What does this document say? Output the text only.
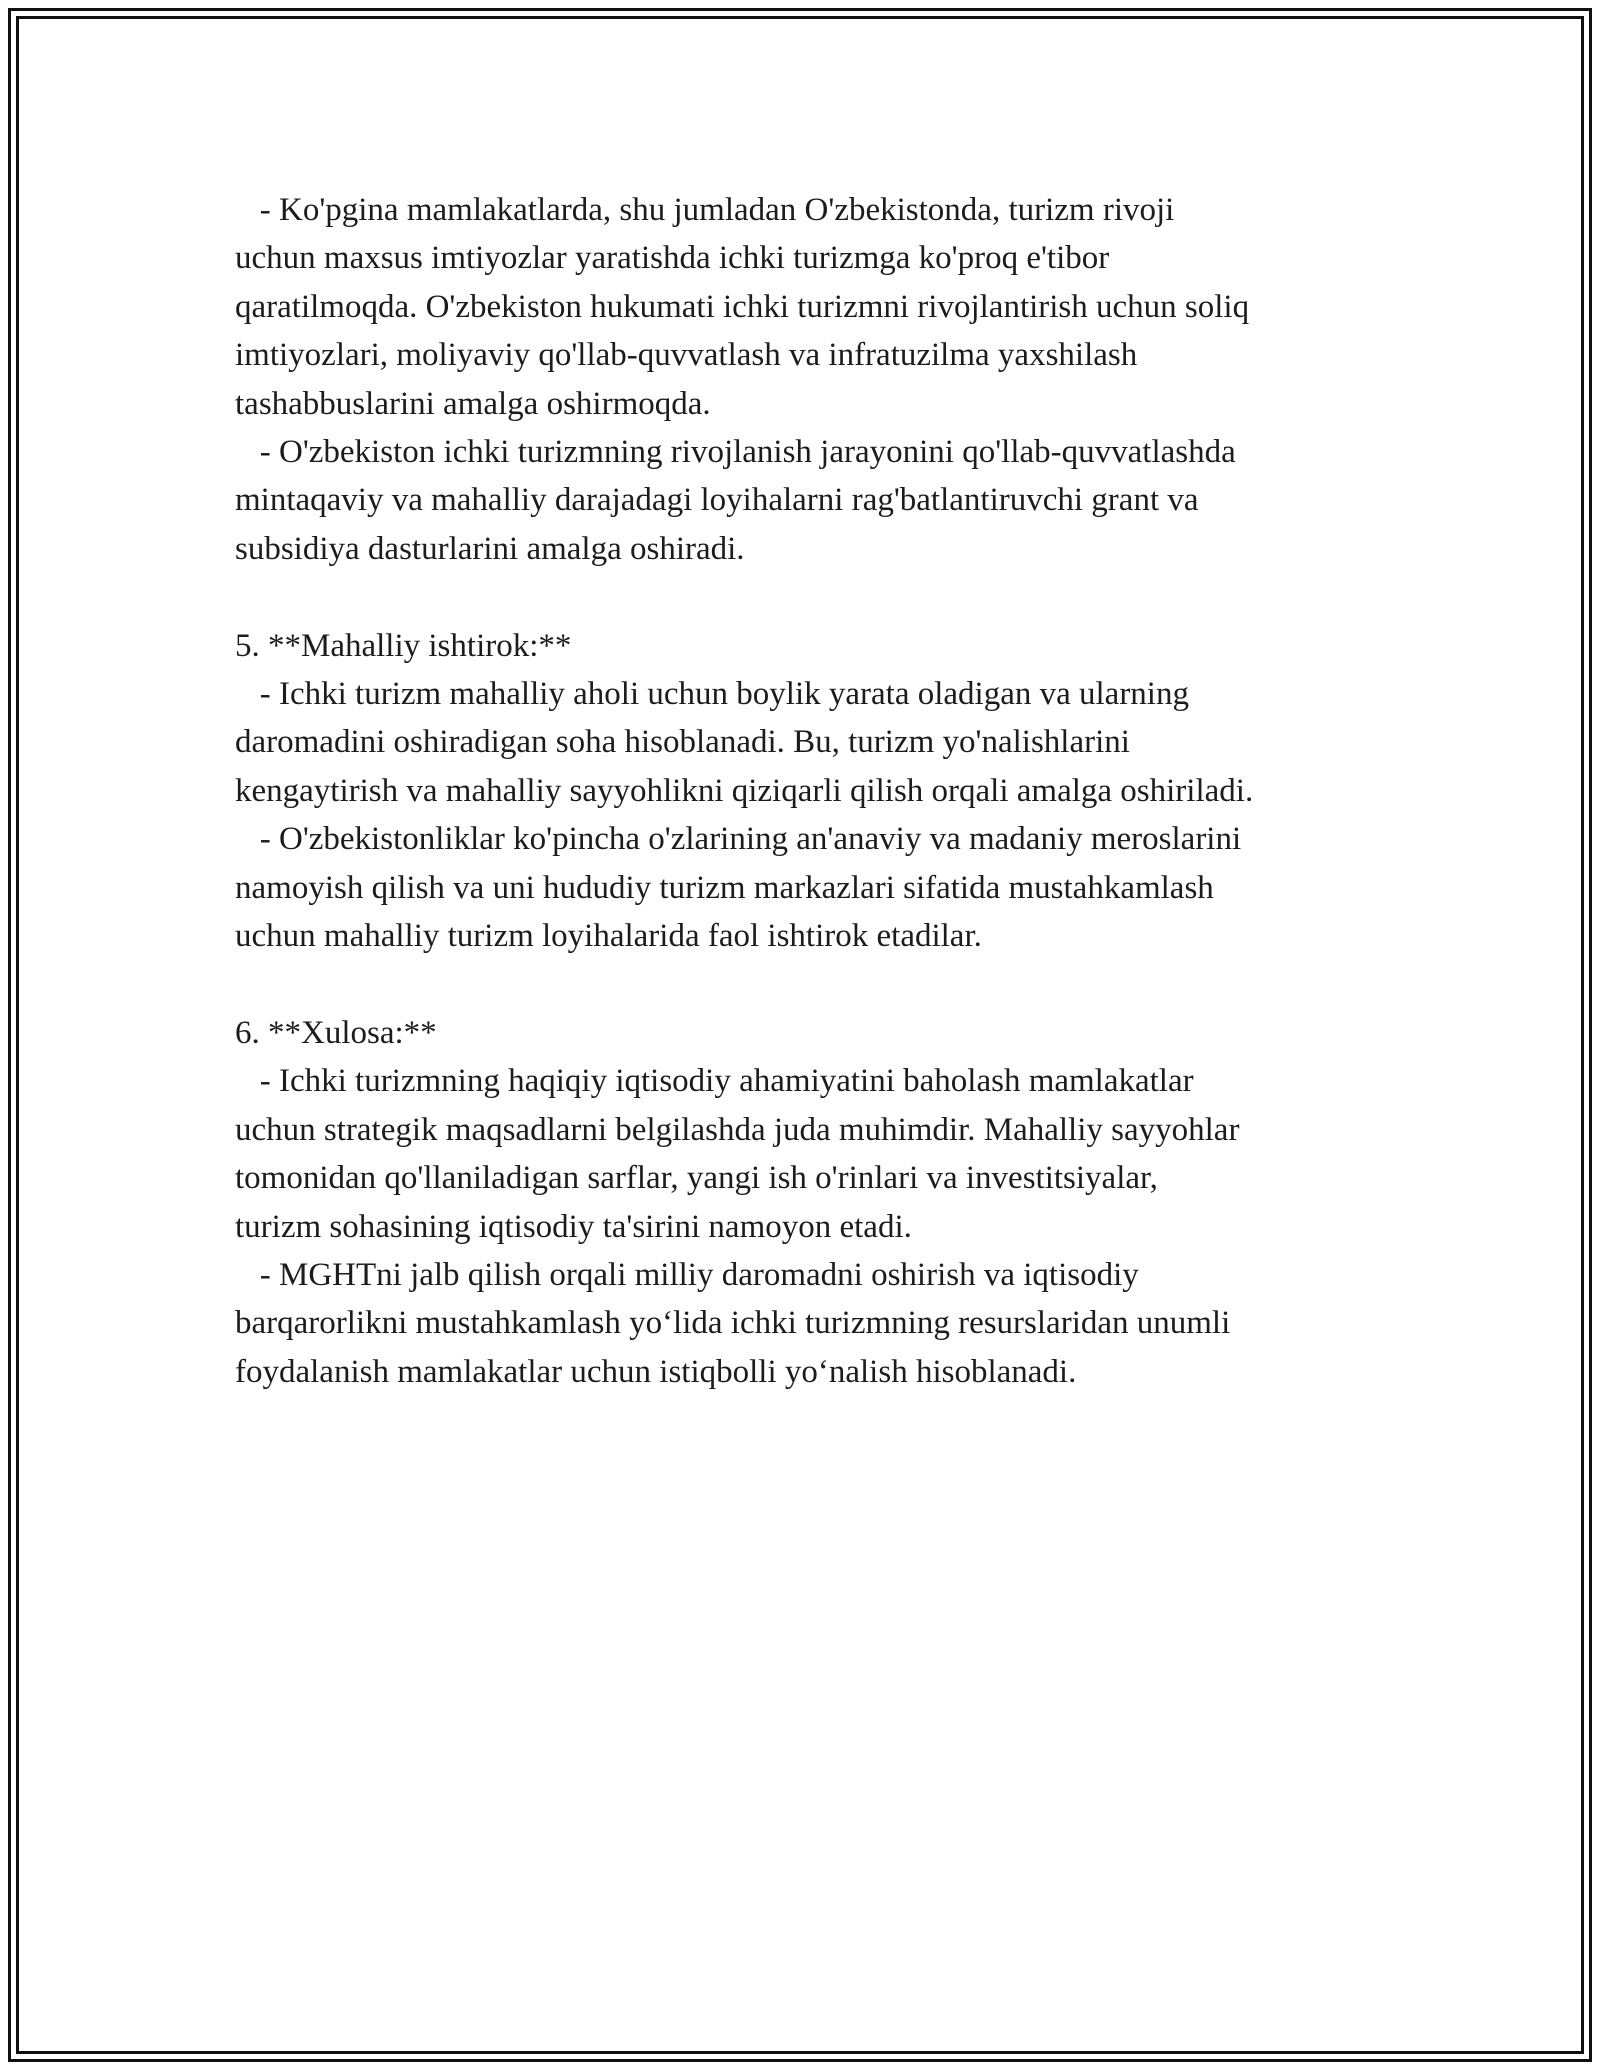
- Ko'pgina mamlakatlarda, shu jumladan O'zbekistonda, turizm rivoji
uchun maxsus imtiyozlar yaratishda ichki turizmga ko'proq e'tibor
qaratilmoqda. O'zbekiston hukumati ichki turizmni rivojlantirish uchun soliq
imtiyozlari, moliyaviy qo'llab-quvvatlash va infratuzilma yaxshilash
tashabbuslarini amalga oshirmoqda.
- O'zbekiston ichki turizmning rivojlanish jarayonini qo'llab-quvvatlashda
mintaqaviy va mahalliy darajadagi loyihalarni rag'batlantiruvchi grant va
subsidiya dasturlarini amalga oshiradi.
5. **Mahalliy ishtirok:**
- Ichki turizm mahalliy aholi uchun boylik yarata oladigan va ularning
daromadini oshiradigan soha hisoblanadi. Bu, turizm yo'nalishlarini
kengaytirish va mahalliy sayyohlikni qiziqarli qilish orqali amalga oshiriladi.
- O'zbekistonliklar ko'pincha o'zlarining an'anaviy va madaniy meroslarini
namoyish qilish va uni hududiy turizm markazlari sifatida mustahkamlash
uchun mahalliy turizm loyihalarida faol ishtirok etadilar.
6. **Xulosa:**
- Ichki turizmning haqiqiy iqtisodiy ahamiyatini baholash mamlakatlar
uchun strategik maqsadlarni belgilashda juda muhimdir. Mahalliy sayyohlar
tomonidan qo'llaniladigan sarflar, yangi ish o'rinlari va investitsiyalar,
turizm sohasining iqtisodiy ta'sirini namoyon etadi.
- MGHTni jalb qilish orqali milliy daromadni oshirish va iqtisodiy
barqarorlikni mustahkamlash yo‘lida ichki turizmning resurslaridan unumli
foydalanish mamlakatlar uchun istiqbolli yo‘nalish hisoblanadi.
